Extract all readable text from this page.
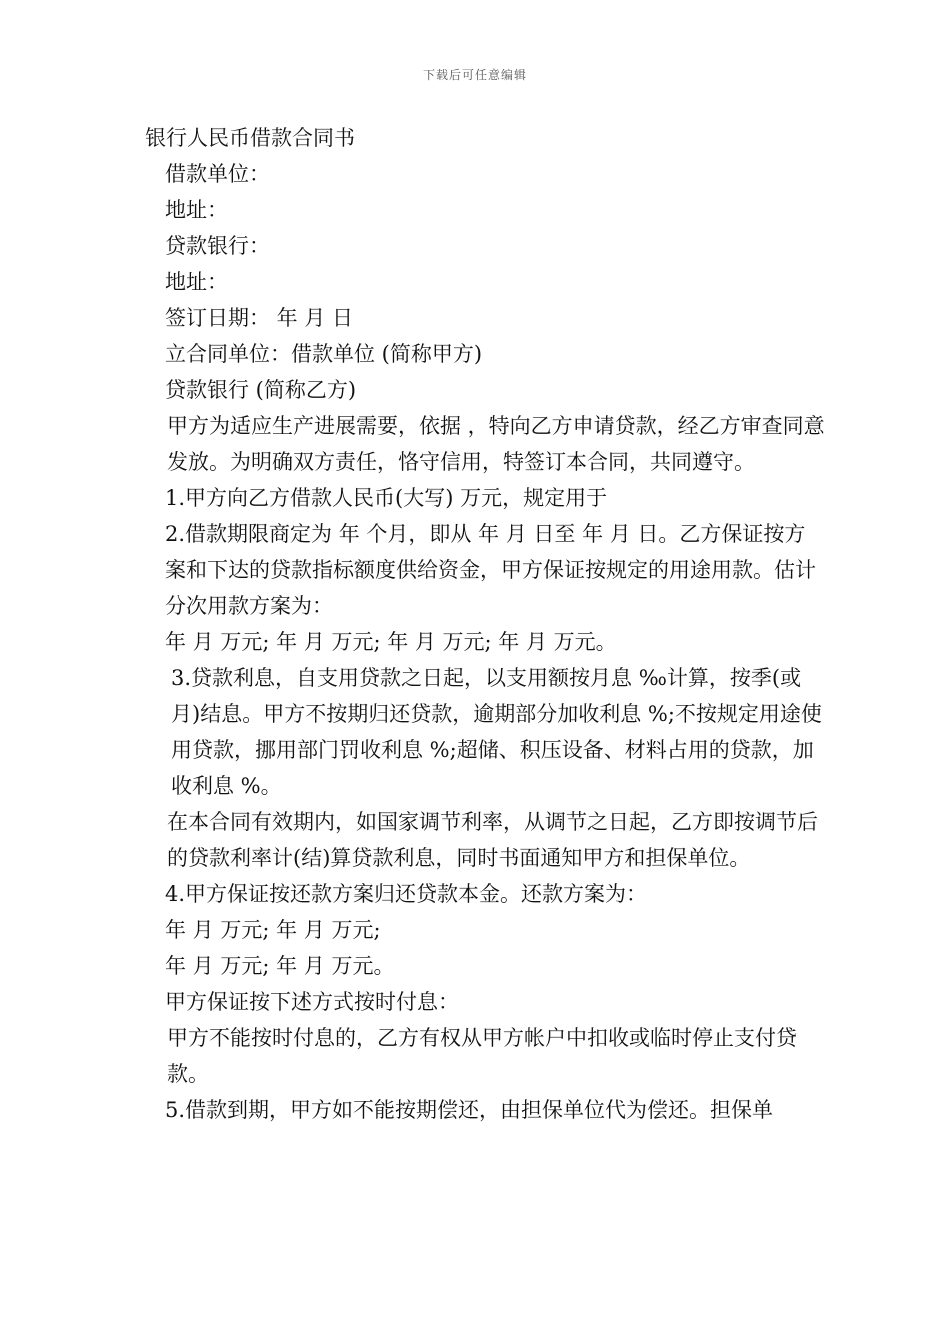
下载后可任意编辑

银行人民币借款合同书

借款单位：

地址：

贷款银行：

地址：

签订日期： 年 月 日

立合同单位：借款单位 (简称甲方)

贷款银行 (简称乙方)

甲方为适应生产进展需要，依据 ，特向乙方申请贷款，经乙方审查同意发放。为明确双方责任，恪守信用，特签订本合同，共同遵守。

1.甲方向乙方借款人民币(大写) 万元，规定用于

2.借款期限商定为 年 个月，即从 年 月 日至 年 月 日。乙方保证按方案和下达的贷款指标额度供给资金，甲方保证按规定的用途用款。估计分次用款方案为：

年 月 万元; 年 月 万元; 年 月 万元; 年 月 万元。

3.贷款利息，自支用贷款之日起，以支用额按月息 ‰计算，按季(或月)结息。甲方不按期归还贷款，逾期部分加收利息 %;不按规定用途使用贷款，挪用部门罚收利息 %;超储、积压设备、材料占用的贷款，加收利息 %。

在本合同有效期内，如国家调节利率，从调节之日起，乙方即按调节后的贷款利率计(结)算贷款利息，同时书面通知甲方和担保单位。

4.甲方保证按还款方案归还贷款本金。还款方案为：

年 月 万元; 年 月 万元;

年 月 万元; 年 月 万元。

甲方保证按下述方式按时付息：

甲方不能按时付息的，乙方有权从甲方帐户中扣收或临时停止支付贷款。

5.借款到期，甲方如不能按期偿还，由担保单位代为偿还。担保单
